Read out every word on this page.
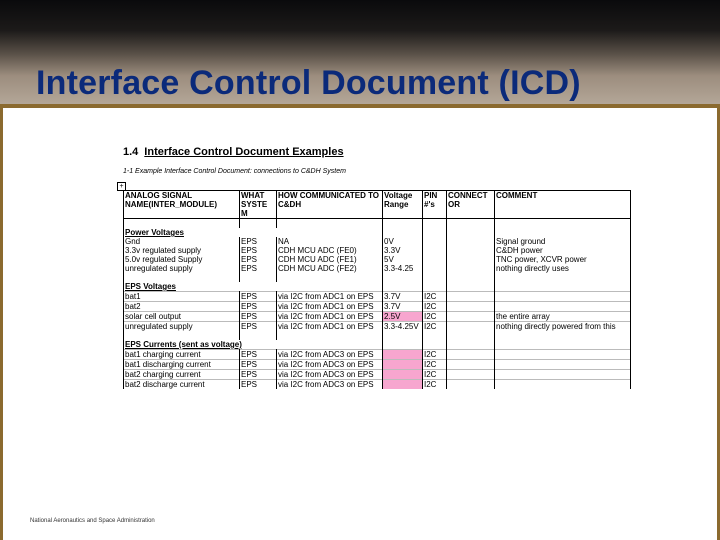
Interface Control Document (ICD)
1.4 Interface Control Document Examples
1-1 Example Interface Control Document: connections to C&DH System
+
ANALOG SIGNAL NAME(INTER_MODULE)	WHAT SYSTE M	HOW COMMUNICATED TO C&DH	Voltage Range	PIN #'s	CONNECT OR	COMMENT

Power Voltages						
Gnd	EPS	NA	0V			Signal ground
3.3v regulated supply	EPS	CDH MCU ADC (FE0)	3.3V			C&DH power
5.0v regulated Supply	EPS	CDH MCU ADC (FE1)	5V			TNC power, XCVR power
unregulated supply	EPS	CDH MCU ADC (FE2)	3.3-4.25			nothing directly uses

EPS Voltages						
bat1	EPS	via I2C from ADC1 on EPS	3.7V	I2C		
bat2	EPS	via I2C from ADC1 on EPS	3.7V	I2C		
solar cell output	EPS	via I2C from ADC1 on EPS	2.5V	I2C		the entire array
unregulated supply	EPS	via I2C from ADC1 on EPS	3.3-4.25V	I2C		nothing directly powered from this

EPS Currents (sent as voltage)						
bat1 charging current	EPS	via I2C from ADC3 on EPS		I2C		
bat1 discharging current	EPS	via I2C from ADC3 on EPS		I2C		
bat2 charging current	EPS	via I2C from ADC3 on EPS		I2C		
bat2 discharge current	EPS	via I2C from ADC3 on EPS		I2C		
National Aeronautics and Space Administration
